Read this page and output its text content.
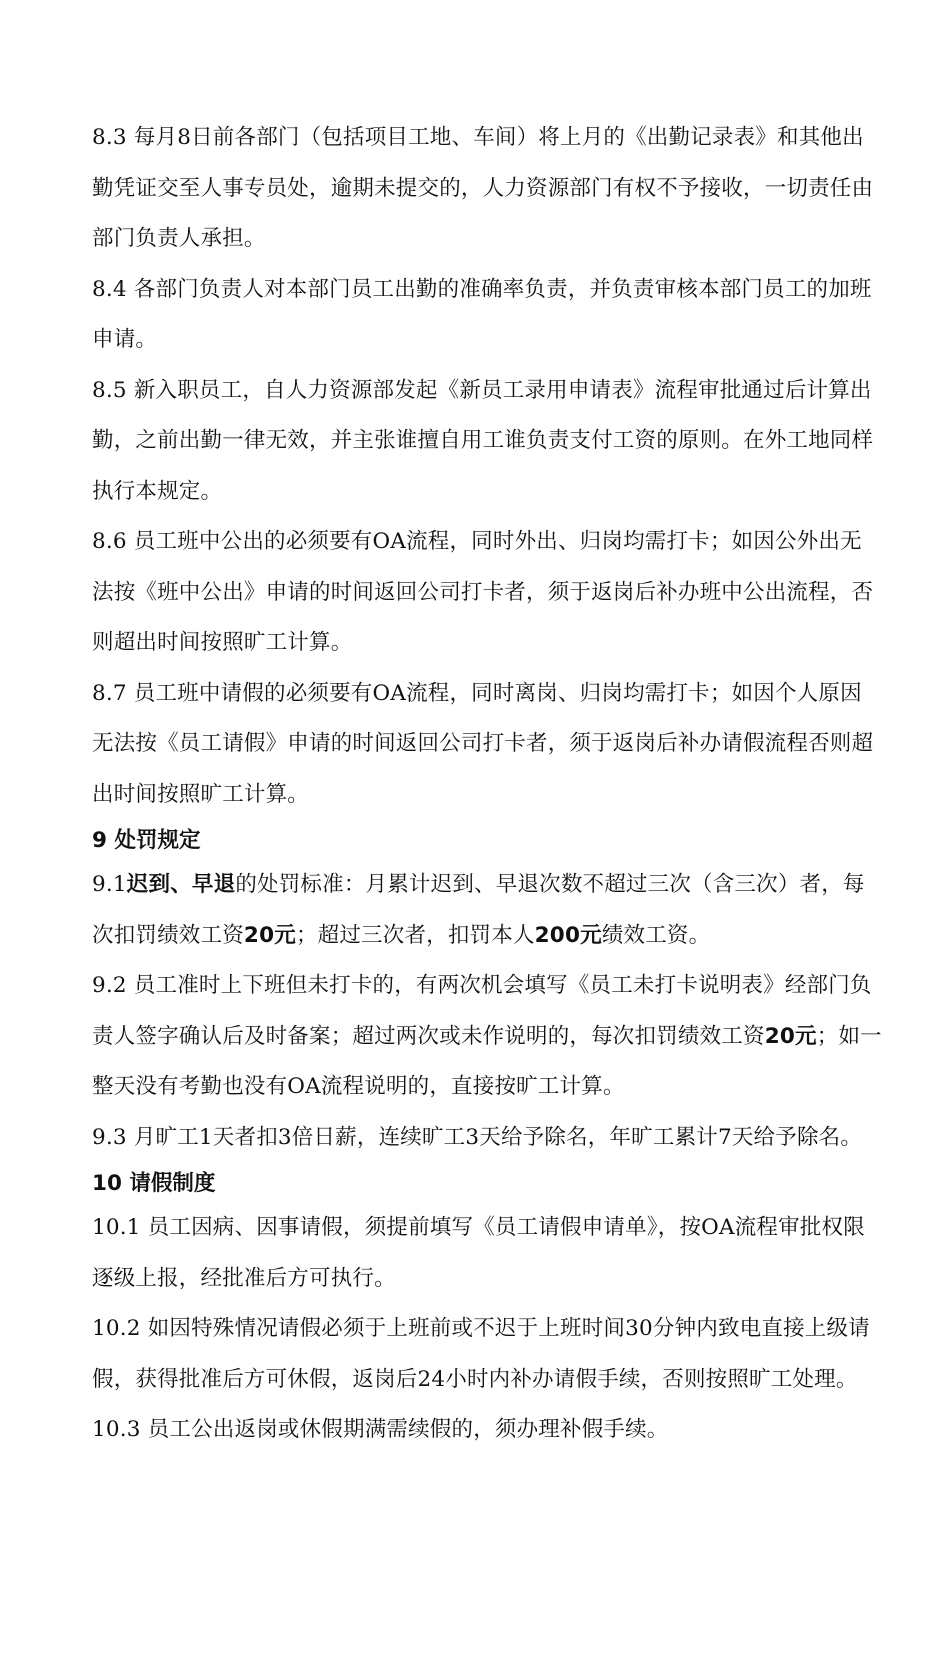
8.3 每月8日前各部门（包括项目工地、车间）将上月的《出勤记录表》和其他出勤凭证交至人事专员处，逾期未提交的，人力资源部门有权不予接收，一切责任由部门负责人承担。

8.4 各部门负责人对本部门员工出勤的准确率负责，并负责审核本部门员工的加班申请。

8.5 新入职员工，自人力资源部发起《新员工录用申请表》流程审批通过后计算出勤，之前出勤一律无效，并主张谁擅自用工谁负责支付工资的原则。在外工地同样执行本规定。

8.6 员工班中公出的必须要有OA流程，同时外出、归岗均需打卡；如因公外出无法按《班中公出》申请的时间返回公司打卡者，须于返岗后补办班中公出流程，否则超出时间按照旷工计算。

8.7 员工班中请假的必须要有OA流程，同时离岗、归岗均需打卡；如因个人原因无法按《员工请假》申请的时间返回公司打卡者，须于返岗后补办请假流程否则超出时间按照旷工计算。

9 处罚规定

9.1迟到、早退的处罚标准：月累计迟到、早退次数不超过三次（含三次）者，每次扣罚绩效工资20元；超过三次者，扣罚本人200元绩效工资。

9.2 员工准时上下班但未打卡的，有两次机会填写《员工未打卡说明表》经部门负责人签字确认后及时备案；超过两次或未作说明的，每次扣罚绩效工资20元；如一整天没有考勤也没有OA流程说明的，直接按旷工计算。

9.3 月旷工1天者扣3倍日薪，连续旷工3天给予除名，年旷工累计7天给予除名。

10 请假制度

10.1 员工因病、因事请假，须提前填写《员工请假申请单》，按OA流程审批权限逐级上报，经批准后方可执行。

10.2 如因特殊情况请假必须于上班前或不迟于上班时间30分钟内致电直接上级请假，获得批准后方可休假，返岗后24小时内补办请假手续，否则按照旷工处理。

10.3 员工公出返岗或休假期满需续假的，须办理补假手续。
